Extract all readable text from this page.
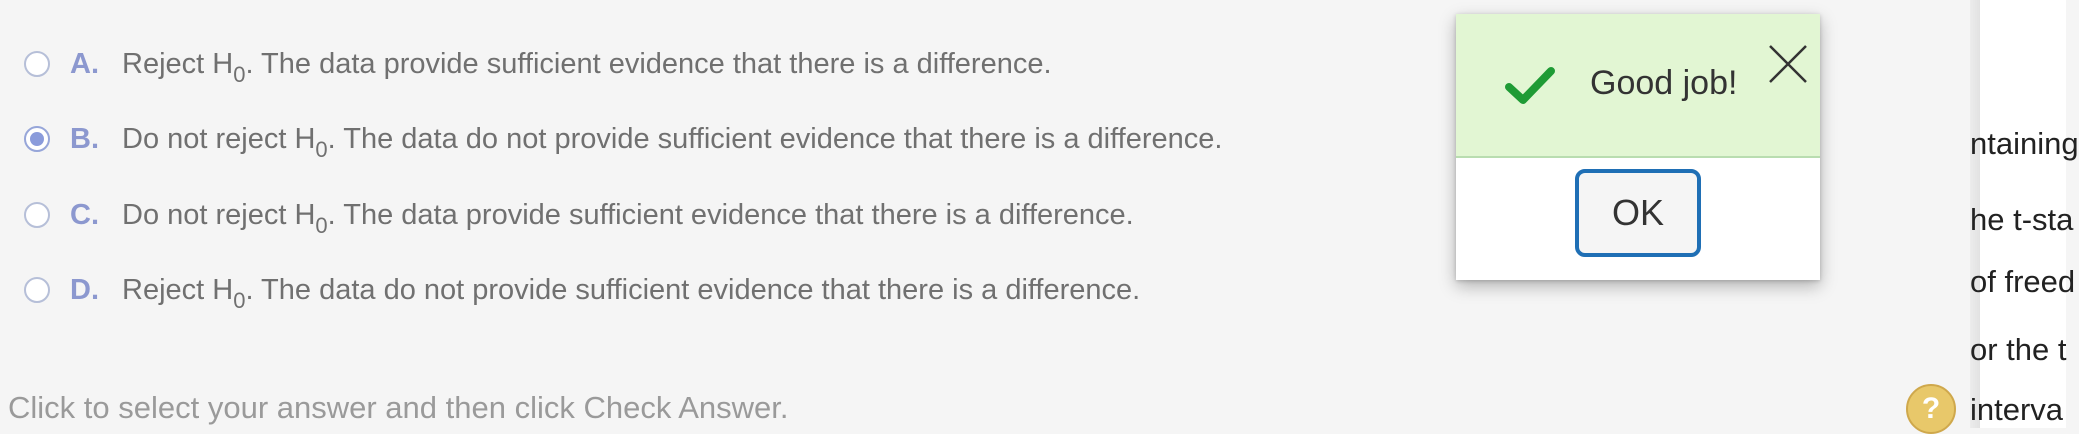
A. Reject $H_0$. The data provide sufficient evidence that there is a difference.
B. Do not reject $H_0$. The data do not provide sufficient evidence that there is a difference.
C. Do not reject $H_0$. The data provide sufficient evidence that there is a difference.
D. Reject $H_0$. The data do not provide sufficient evidence that there is a difference.
Click to select your answer and then click Check Answer.
ntaining
he t-sta
of freed
or the t
interva
?
Good job!
OK
